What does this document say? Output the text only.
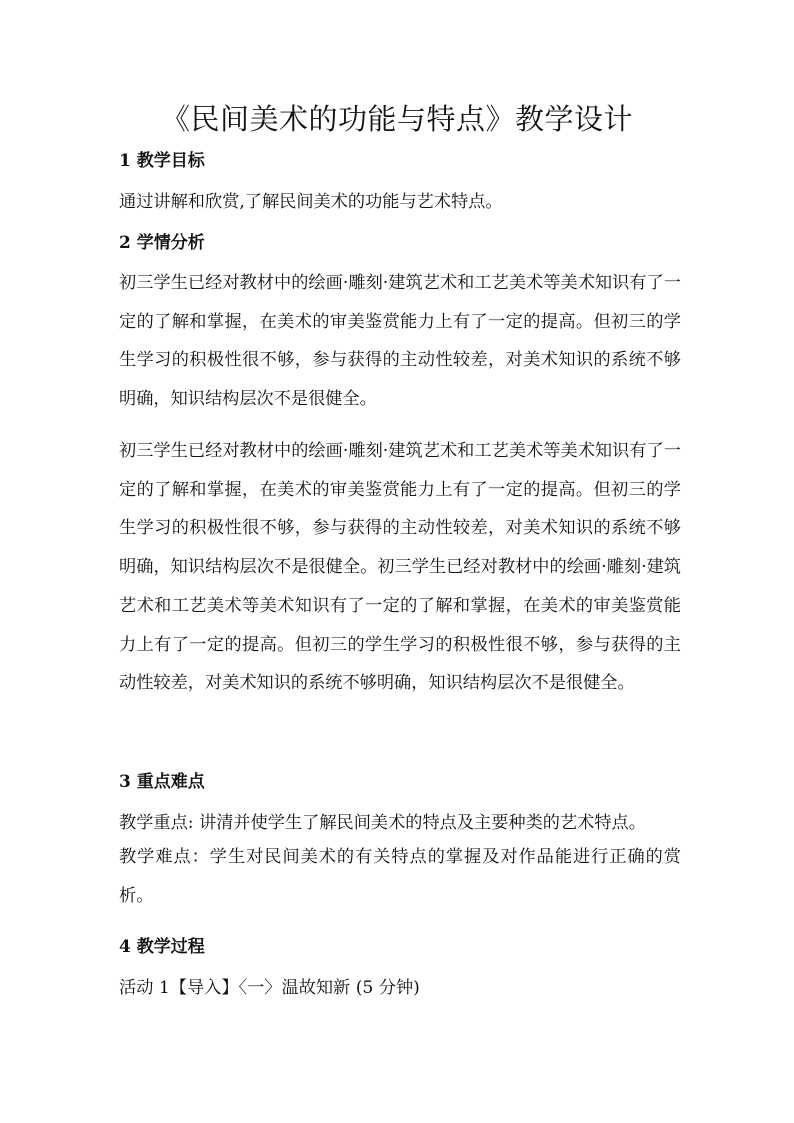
《民间美术的功能与特点》教学设计
1 教学目标

通过讲解和欣赏,了解民间美术的功能与艺术特点。

2 学情分析

初三学生已经对教材中的绘画·雕刻·建筑艺术和工艺美术等美术知识有了一定的了解和掌握，在美术的审美鉴赏能力上有了一定的提高。但初三的学生学习的积极性很不够，参与获得的主动性较差，对美术知识的系统不够明确，知识结构层次不是很健全。

初三学生已经对教材中的绘画·雕刻·建筑艺术和工艺美术等美术知识有了一定的了解和掌握，在美术的审美鉴赏能力上有了一定的提高。但初三的学生学习的积极性很不够，参与获得的主动性较差，对美术知识的系统不够明确，知识结构层次不是很健全。初三学生已经对教材中的绘画·雕刻·建筑艺术和工艺美术等美术知识有了一定的了解和掌握，在美术的审美鉴赏能力上有了一定的提高。但初三的学生学习的积极性很不够，参与获得的主动性较差，对美术知识的系统不够明确，知识结构层次不是很健全。

3 重点难点

教学重点: 讲清并使学生了解民间美术的特点及主要种类的艺术特点。

教学难点：学生对民间美术的有关特点的掌握及对作品能进行正确的赏析。

4 教学过程

活动 1【导入】〈一〉温故知新 (5 分钟)
